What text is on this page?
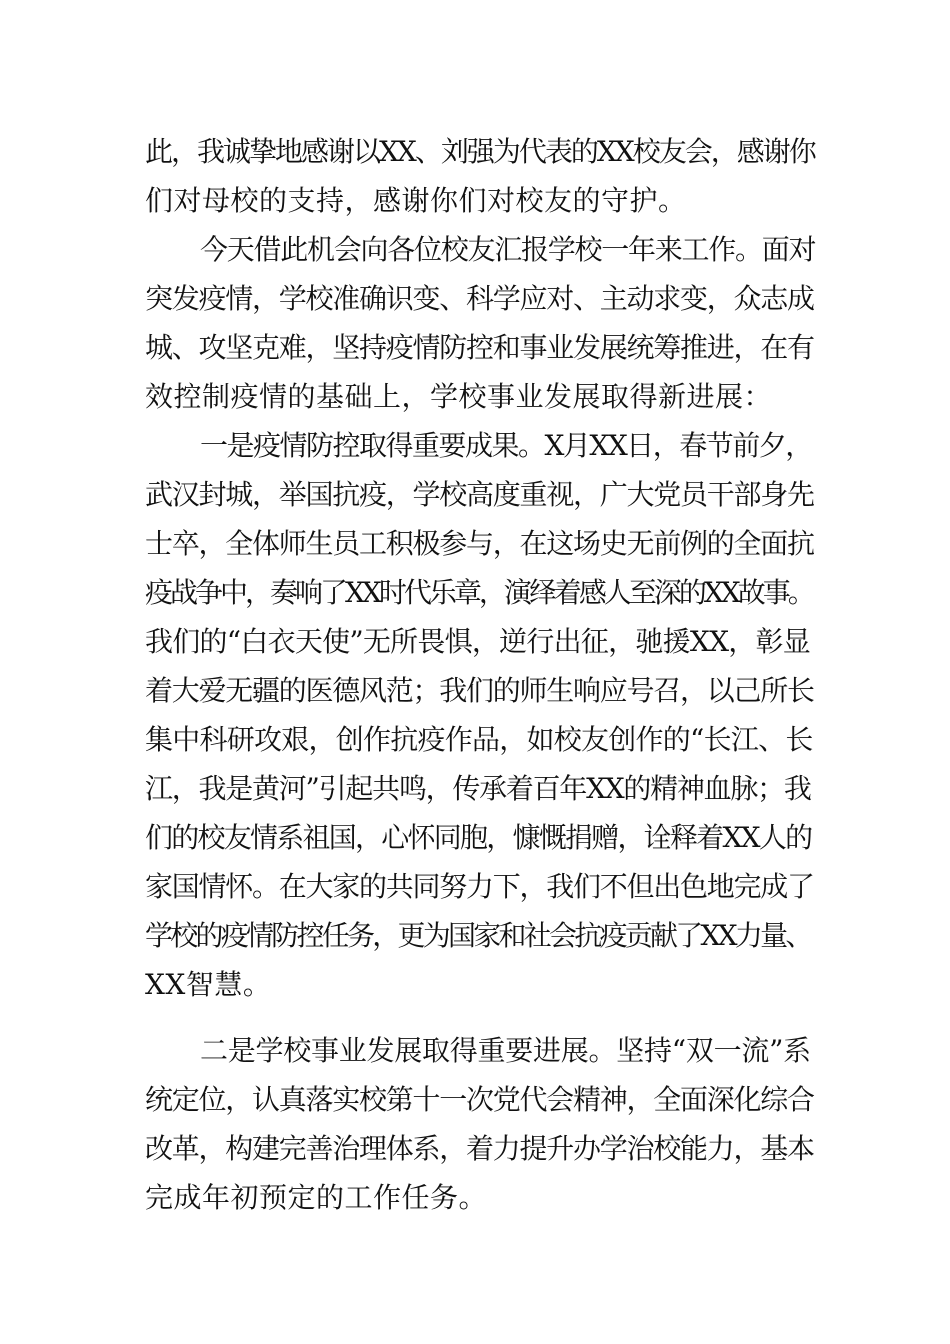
此，我诚挚地感谢以XX、刘强为代表的XX校友会，感谢你
们对母校的支持，感谢你们对校友的守护。
今天借此机会向各位校友汇报学校一年来工作。面对
突发疫情，学校准确识变、科学应对、主动求变，众志成
城、攻坚克难，坚持疫情防控和事业发展统筹推进，在有
效控制疫情的基础上，学校事业发展取得新进展：
一是疫情防控取得重要成果。X月XX日，春节前夕，
武汉封城，举国抗疫，学校高度重视，广大党员干部身先
士卒，全体师生员工积极参与，在这场史无前例的全面抗
疫战争中，奏响了XX时代乐章，演绎着感人至深的XX故事。
我们的“白衣天使”无所畏惧，逆行出征，驰援XX，彰显
着大爱无疆的医德风范；我们的师生响应号召，以己所长
集中科研攻艰，创作抗疫作品，如校友创作的“长江、长
江，我是黄河”引起共鸣，传承着百年XX的精神血脉；我
们的校友情系祖国，心怀同胞，慷慨捐赠，诠释着XX人的
家国情怀。在大家的共同努力下，我们不但出色地完成了
学校的疫情防控任务，更为国家和社会抗疫贡献了XX力量、
XX智慧。
二是学校事业发展取得重要进展。坚持“双一流”系
统定位，认真落实校第十一次党代会精神，全面深化综合
改革，构建完善治理体系，着力提升办学治校能力，基本
完成年初预定的工作任务。
